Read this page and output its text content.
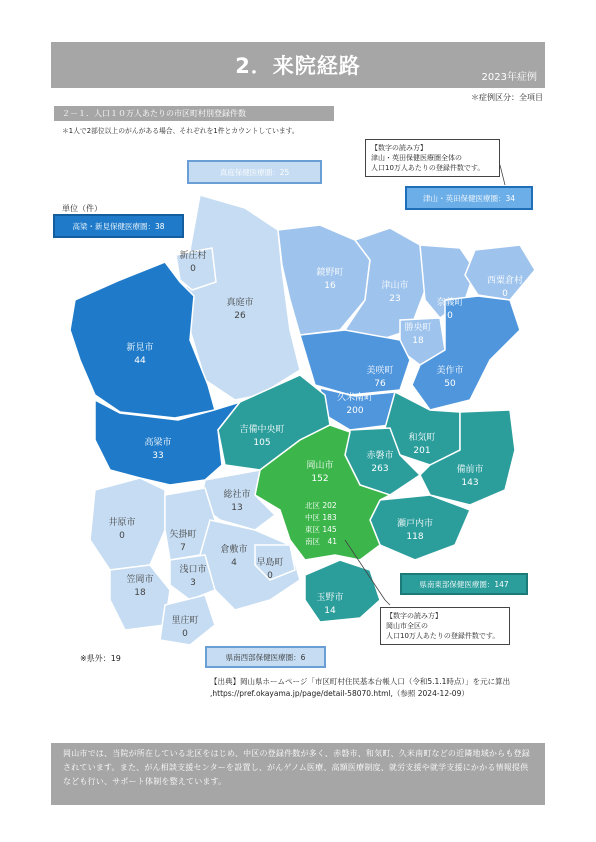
2．来院経路	2023年症例
＊症例区分：全項目
２－１．人口１０万人あたりの市区町村別登録件数
＊1人で2部位以上のがんがある場合、それぞれを1件とカウントしています。
単位（件）
新庄村
0
真庭市
26
新見市
44
鏡野町
16	津山市
23	奈義町
0
西粟倉村
0
勝央町
18
美咲町
76
美作市
50
久米南町
200
吉備中央町
105
高梁市
33
和気町
201
赤磐市
263
岡山市
152
備前市
143
総社市
13
井原市
0	矢掛町
7	倉敷市
4 早島町
0
瀬戸内市
118
浅口市
3
笠岡市
18	玉野市
14
里庄町
0
北区 202
中区 183
東区 145
南区　41
真庭保健医療圏：25
津山・英田保健医療圏：34
高梁・新見保健医療圏：38
県南東部保健医療圏：147
県南西部保健医療圏：6
【数字の読み方】
津山・英田保健医療圏全体の
人口10万人あたりの登録件数です。
【数字の読み方】
岡山市全区の
人口10万人あたりの登録件数です。
※県外：19
【出典】岡山県ホームページ「市区町村住民基本台帳人口（令和5.1.1時点）」を元に算出
,https://pref.okayama.jp/page/detail-58070.html,（参照 2024-12-09）
岡山市では、当院が所在している北区をはじめ、中区の登録件数が多く、赤磐市、和気町、久米南町などの近隣地域からも登録されています。また、がん相談支援センターを設置し、がんゲノム医療、高額医療制度、就労支援や就学支援にかかる情報提供なども行い、サポート体制を整えています。
